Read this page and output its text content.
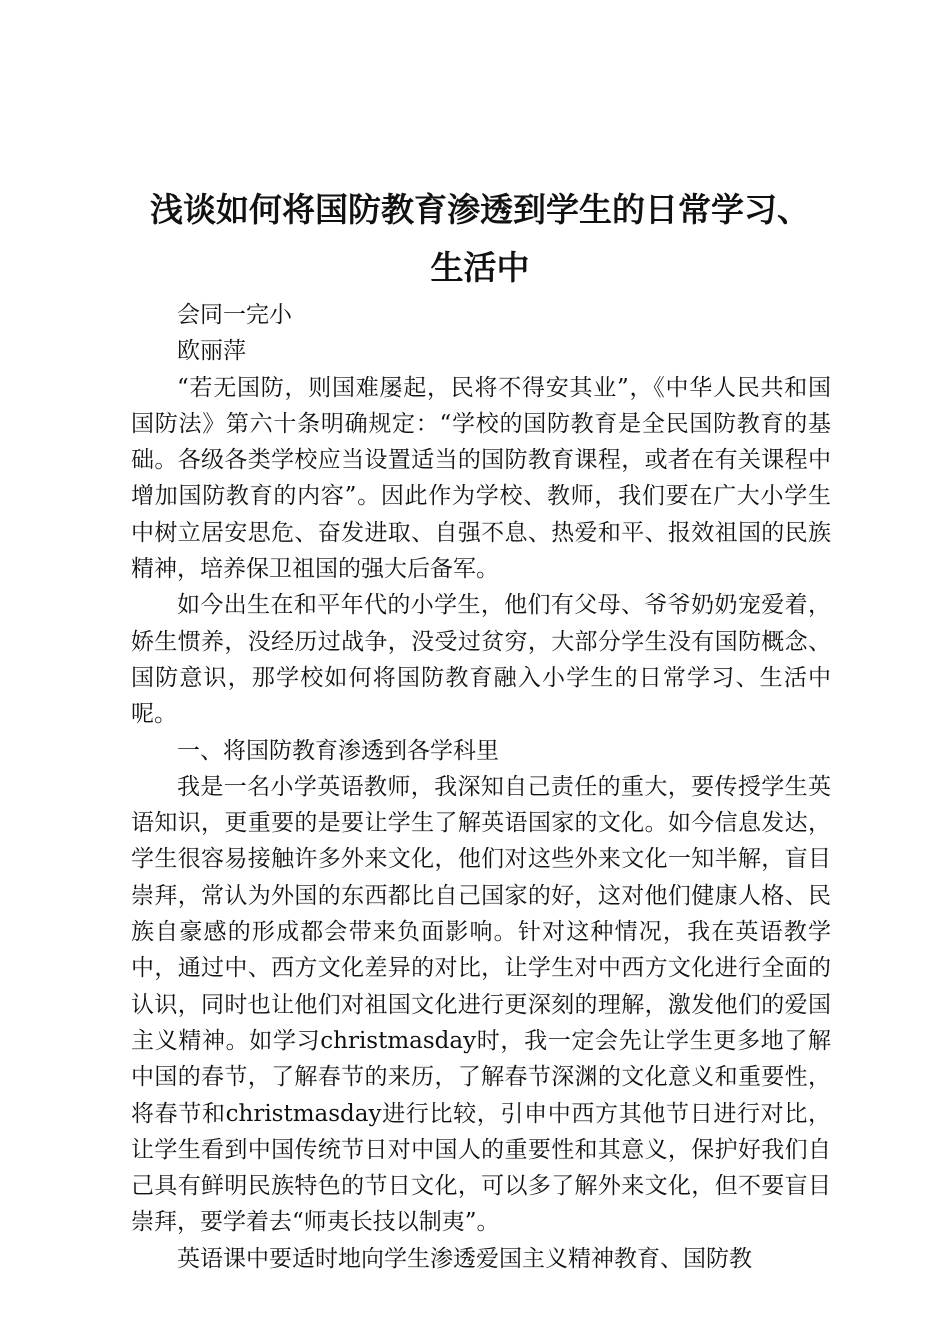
浅谈如何将国防教育渗透到学生的日常学习、
生活中

会同一完小

欧丽萍

“若无国防，则国难屡起，民将不得安其业”，《中华人民共和国国防法》第六十条明确规定：“学校的国防教育是全民国防教育的基础。各级各类学校应当设置适当的国防教育课程，或者在有关课程中增加国防教育的内容”。因此作为学校、教师，我们要在广大小学生中树立居安思危、奋发进取、自强不息、热爱和平、报效祖国的民族精神，培养保卫祖国的强大后备军。

如今出生在和平年代的小学生，他们有父母、爷爷奶奶宠爱着，娇生惯养，没经历过战争，没受过贫穷，大部分学生没有国防概念、国防意识，那学校如何将国防教育融入小学生的日常学习、生活中呢。

一、将国防教育渗透到各学科里

我是一名小学英语教师，我深知自己责任的重大，要传授学生英语知识，更重要的是要让学生了解英语国家的文化。如今信息发达，学生很容易接触许多外来文化，他们对这些外来文化一知半解，盲目崇拜，常认为外国的东西都比自己国家的好，这对他们健康人格、民族自豪感的形成都会带来负面影响。针对这种情况，我在英语教学中，通过中、西方文化差异的对比，让学生对中西方文化进行全面的认识，同时也让他们对祖国文化进行更深刻的理解，激发他们的爱国主义精神。如学习christmasday时，我一定会先让学生更多地了解中国的春节，了解春节的来历，了解春节深渊的文化意义和重要性，将春节和christmasday进行比较，引申中西方其他节日进行对比，让学生看到中国传统节日对中国人的重要性和其意义，保护好我们自己具有鲜明民族特色的节日文化，可以多了解外来文化，但不要盲目崇拜，要学着去“师夷长技以制夷”。

英语课中要适时地向学生渗透爱国主义精神教育、国防教
